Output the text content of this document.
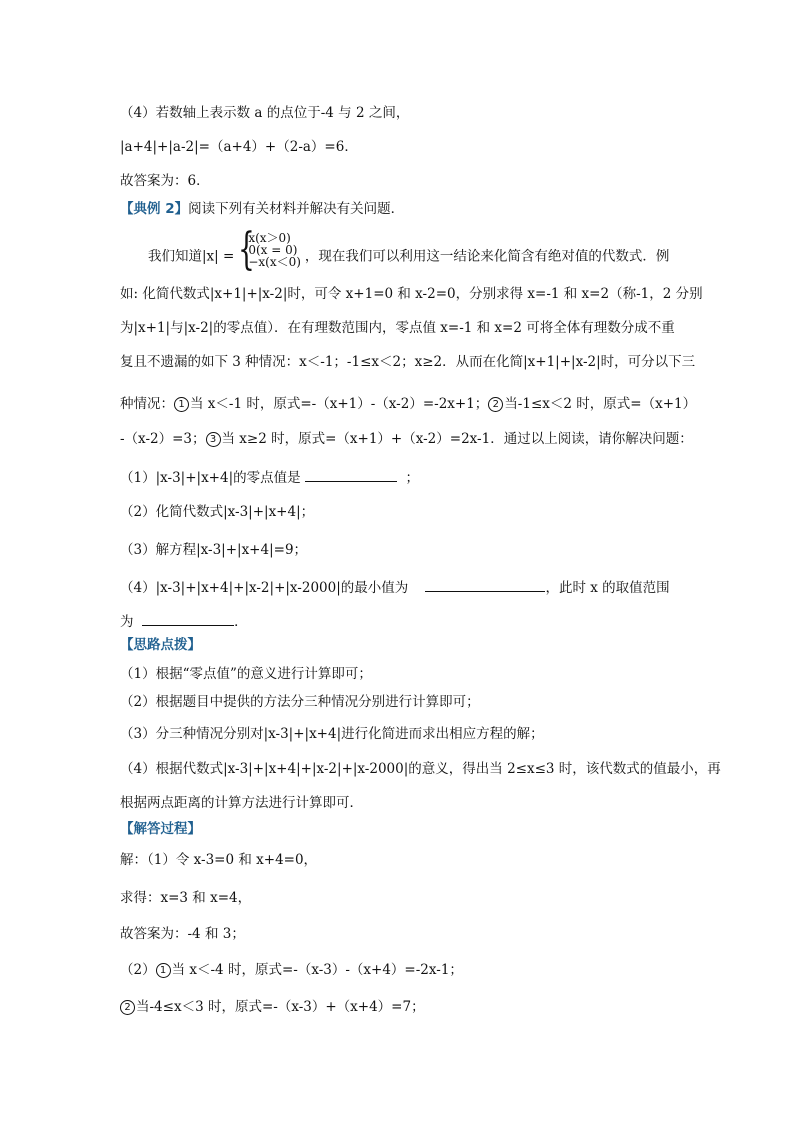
（4）若数轴上表示数 a 的点位于-4 与 2 之间，
|a+4|+|a-2|=（a+4）+（2-a）=6．
故答案为：6．
【典例 2】阅读下列有关材料并解决有关问题．
我们知道|x| = {
x(x＞0)
0(x = 0)
−x(x＜0) ，现在我们可以利用这一结论来化简含有绝对值的代数式．例
如: 化简代数式|x+1|+|x-2|时，可令 x+1=0 和 x-2=0，分别求得 x=-1 和 x=2（称-1，2 分别
为|x+1|与|x-2|的零点值）．在有理数范围内，零点值 x=-1 和 x=2 可将全体有理数分成不重
复且不遗漏的如下 3 种情况：x＜-1；-1≤x＜2；x≥2．从而在化简|x+1|+|x-2|时，可分以下三
种情况： 1 当 x＜-1 时，原式=-（x+1）-（x-2）=-2x+1； 2 当-1≤x＜2 时，原式=（x+1）
-（x-2）=3； 3 当 x≥2 时，原式=（x+1）+（x-2）=2x-1．通过以上阅读，请你解决问题：
（1）|x-3|+|x+4|的零点值是	；
（2）化简代数式|x-3|+|x+4|；
（3）解方程|x-3|+|x+4|=9；
（4）|x-3|+|x+4|+|x-2|+|x-2000|的最小值为	，此时 x 的取值范围
为	．
【思路点拨】
（1）根据“零点值”的意义进行计算即可；
（2）根据题目中提供的方法分三种情况分别进行计算即可；
（3）分三种情况分别对|x-3|+|x+4|进行化简进而求出相应方程的解；
（4）根据代数式|x-3|+|x+4|+|x-2|+|x-2000|的意义，得出当 2≤x≤3 时，该代数式的值最小，再
根据两点距离的计算方法进行计算即可．
【解答过程】
解：（1）令 x-3=0 和 x+4=0，
求得：x=3 和 x=4，
故答案为：-4 和 3；
（2） 1 当 x＜-4 时，原式=-（x-3）-（x+4）=-2x-1；
2 当-4≤x＜3 时，原式=-（x-3）+（x+4）=7；
